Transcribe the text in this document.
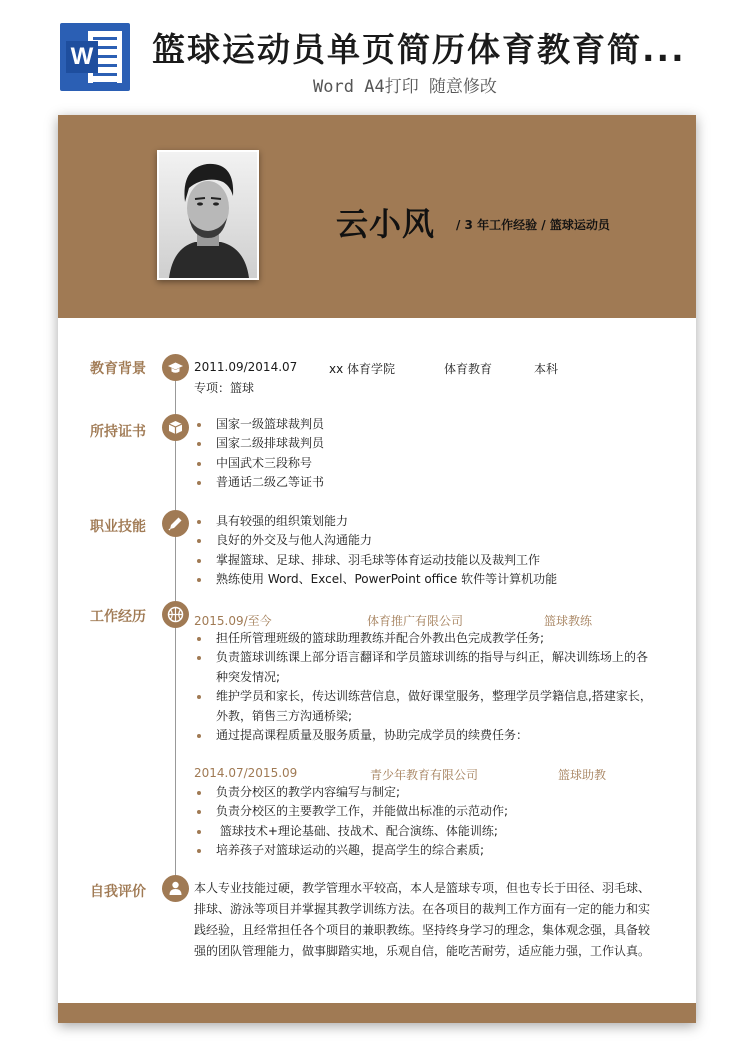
W 篮球运动员单页简历体育教育简...
Word A4打印 随意修改
云小风 / 3 年工作经验 / 篮球运动员
教育背景	2011.09/2014.07	xx 体育学院	体育教育	本科
专项：篮球
所持证书	国家一级篮球裁判员
国家二级排球裁判员
中国武术三段称号
普通话二级乙等证书
职业技能	具有较强的组织策划能力
良好的外交及与他人沟通能力
掌握篮球、足球、排球、羽毛球等体育运动技能以及裁判工作
熟练使用 Word、Excel、PowerPoint office 软件等计算机功能
工作经历	2015.09/至今	体育推广有限公司	篮球教练
担任所管理班级的篮球助理教练并配合外教出色完成教学任务;
负责篮球训练课上部分语言翻译和学员篮球训练的指导与纠正，解决训练场上的各
种突发情况;
维护学员和家长，传达训练营信息，做好课堂服务，整理学员学籍信息,搭建家长，
外教，销售三方沟通桥梁;
通过提高课程质量及服务质量，协助完成学员的续费任务：
2014.07/2015.09	青少年教育有限公司	篮球助教
负责分校区的教学内容编写与制定;
负责分校区的主要教学工作，并能做出标准的示范动作;
篮球技术+理论基础、技战术、配合演练、体能训练;
培养孩子对篮球运动的兴趣，提高学生的综合素质;
自我评价	本人专业技能过硬，教学管理水平较高，本人是篮球专项，但也专长于田径、羽毛球、
排球、游泳等项目并掌握其教学训练方法。在各项目的裁判工作方面有一定的能力和实
践经验，且经常担任各个项目的兼职教练。坚持终身学习的理念，集体观念强，具备较
强的团队管理能力，做事脚踏实地，乐观自信，能吃苦耐劳，适应能力强，工作认真。
